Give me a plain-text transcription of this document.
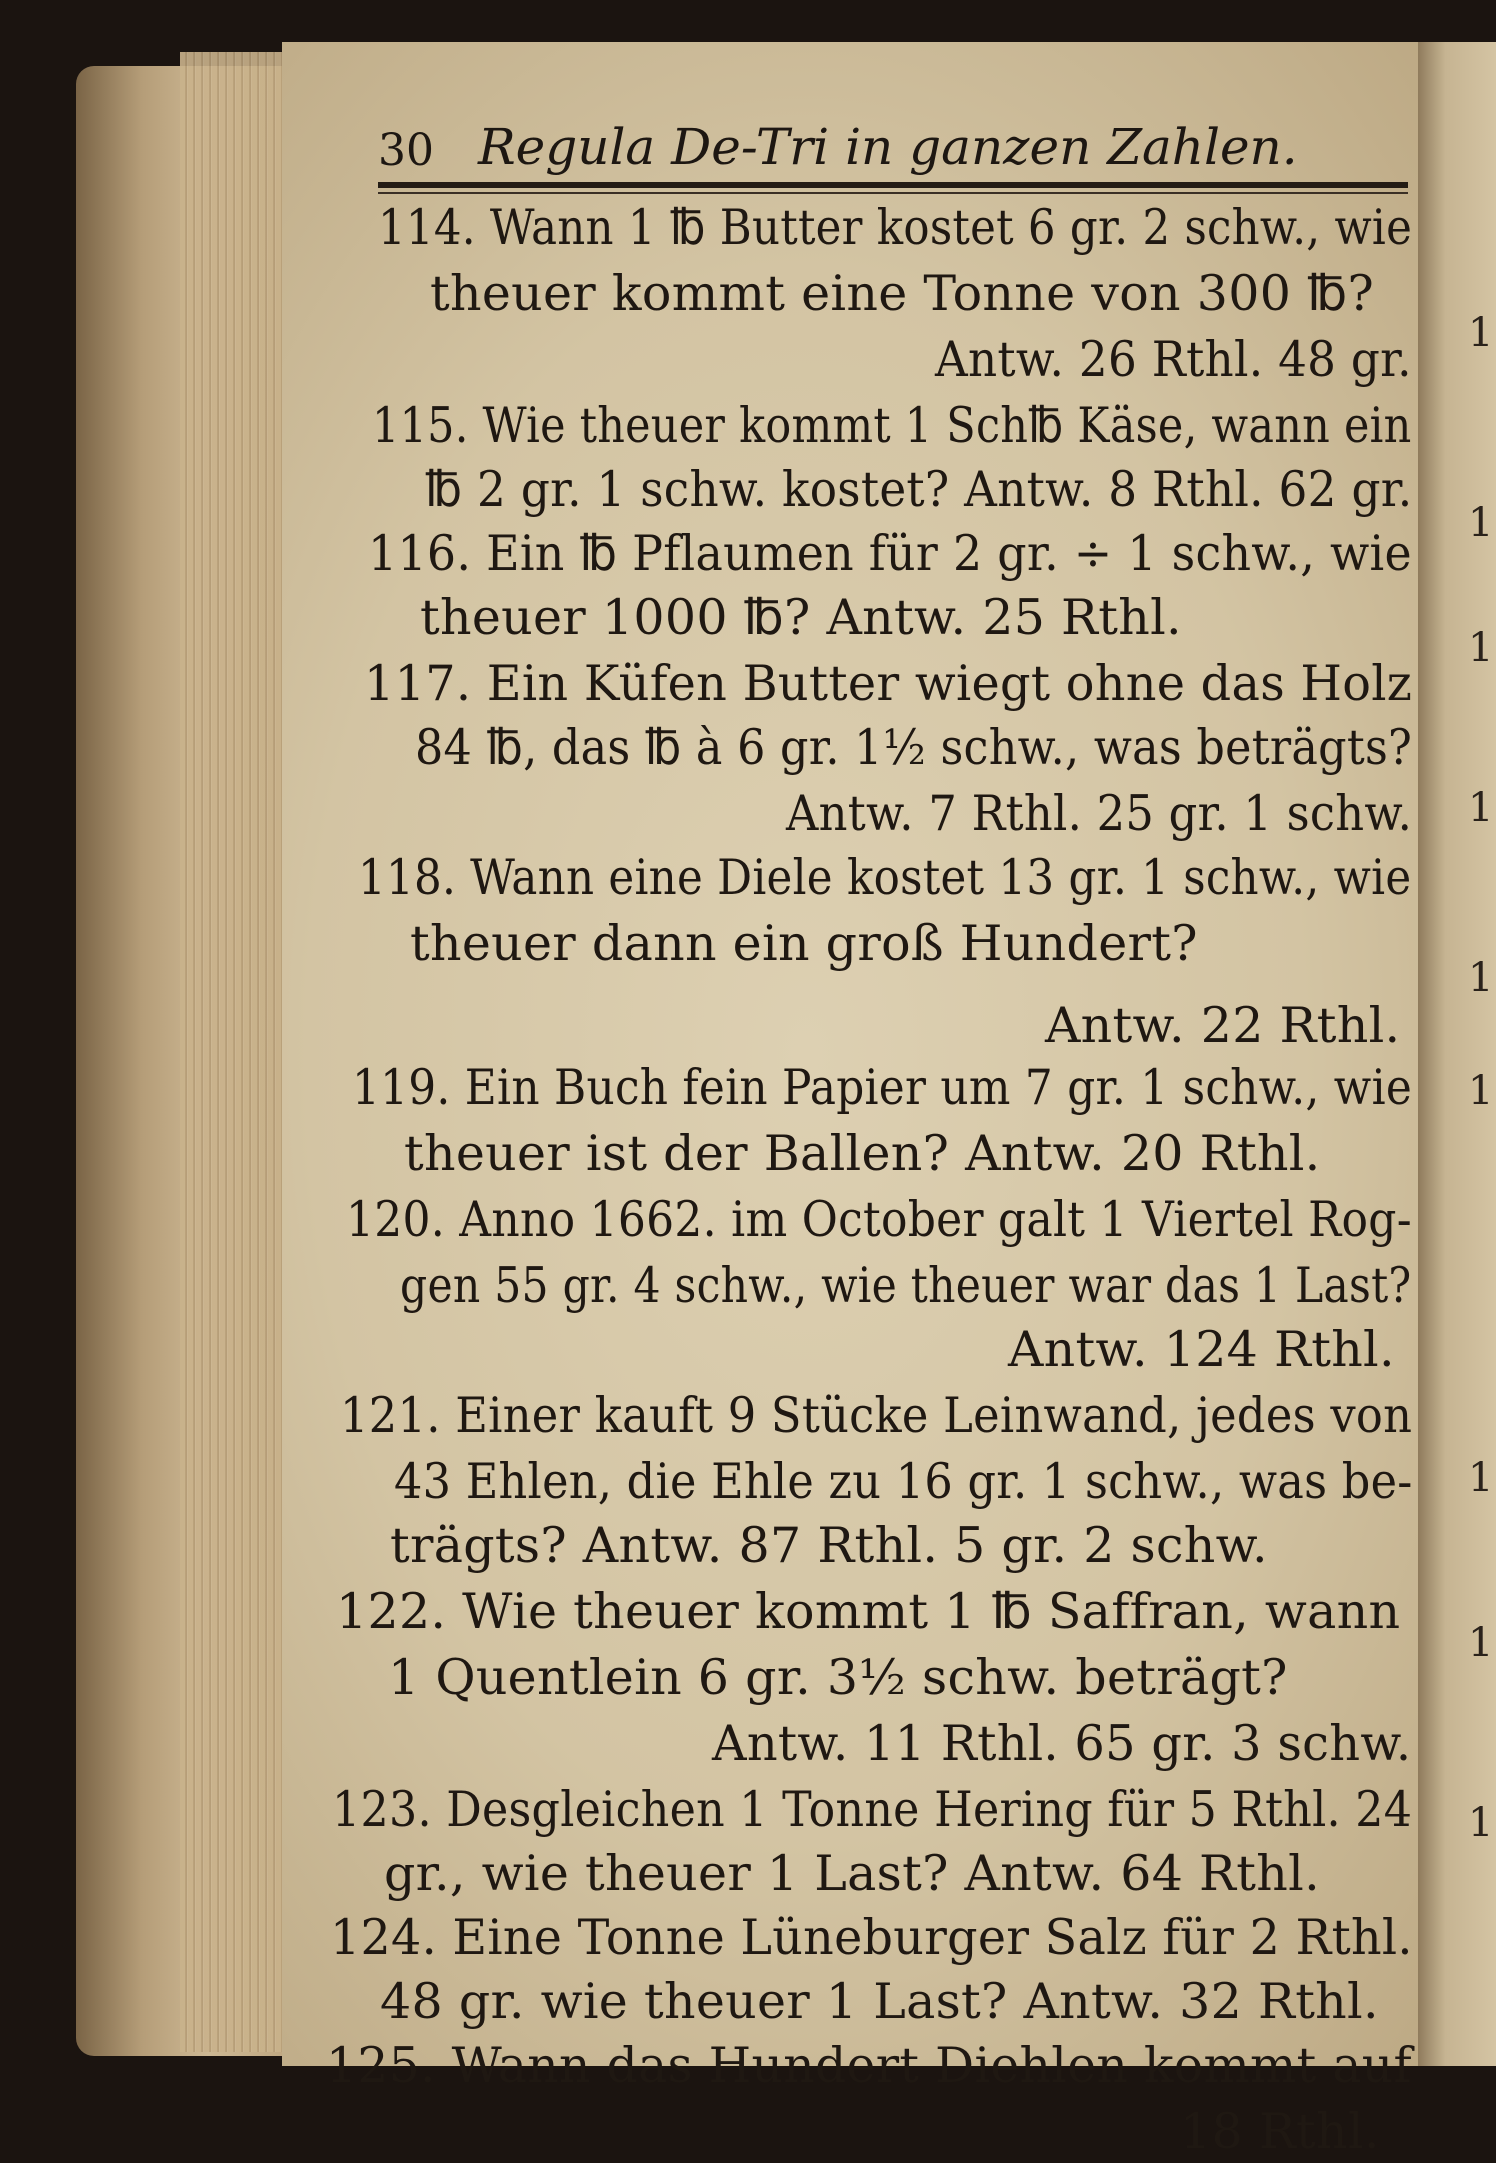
1
1
1
1
1
1
1
1
1
30 Regula De-Tri in ganzen Zahlen.
114. Wann 1 ℔ Butter kostet 6 gr. 2 schw., wie
theuer kommt eine Tonne von 300 ℔?
Antw. 26 Rthl. 48 gr.
115. Wie theuer kommt 1 Sch℔ Käse, wann ein
℔ 2 gr. 1 schw. kostet? Antw. 8 Rthl. 62 gr.
116. Ein ℔ Pflaumen für 2 gr. ÷ 1 schw., wie
theuer 1000 ℔? Antw. 25 Rthl.
117. Ein Küfen Butter wiegt ohne das Holz
84 ℔, das ℔ à 6 gr. 1½ schw., was beträgts?
Antw. 7 Rthl. 25 gr. 1 schw.
118. Wann eine Diele kostet 13 gr. 1 schw., wie
theuer dann ein groß Hundert?
Antw. 22 Rthl.
119. Ein Buch fein Papier um 7 gr. 1 schw., wie
theuer ist der Ballen? Antw. 20 Rthl.
120. Anno 1662. im October galt 1 Viertel Rog-
gen 55 gr. 4 schw., wie theuer war das 1 Last?
Antw. 124 Rthl.
121. Einer kauft 9 Stücke Leinwand, jedes von
43 Ehlen, die Ehle zu 16 gr. 1 schw., was be-
trägts? Antw. 87 Rthl. 5 gr. 2 schw.
122. Wie theuer kommt 1 ℔ Saffran, wann
1 Quentlein 6 gr. 3½ schw. beträgt?
Antw. 11 Rthl. 65 gr. 3 schw.
123. Desgleichen 1 Tonne Hering für 5 Rthl. 24
gr., wie theuer 1 Last? Antw. 64 Rthl.
124. Eine Tonne Lüneburger Salz für 2 Rthl.
48 gr. wie theuer 1 Last? Antw. 32 Rthl.
125. Wann das Hundert Diehlen kommt auf
18 Rthl.
